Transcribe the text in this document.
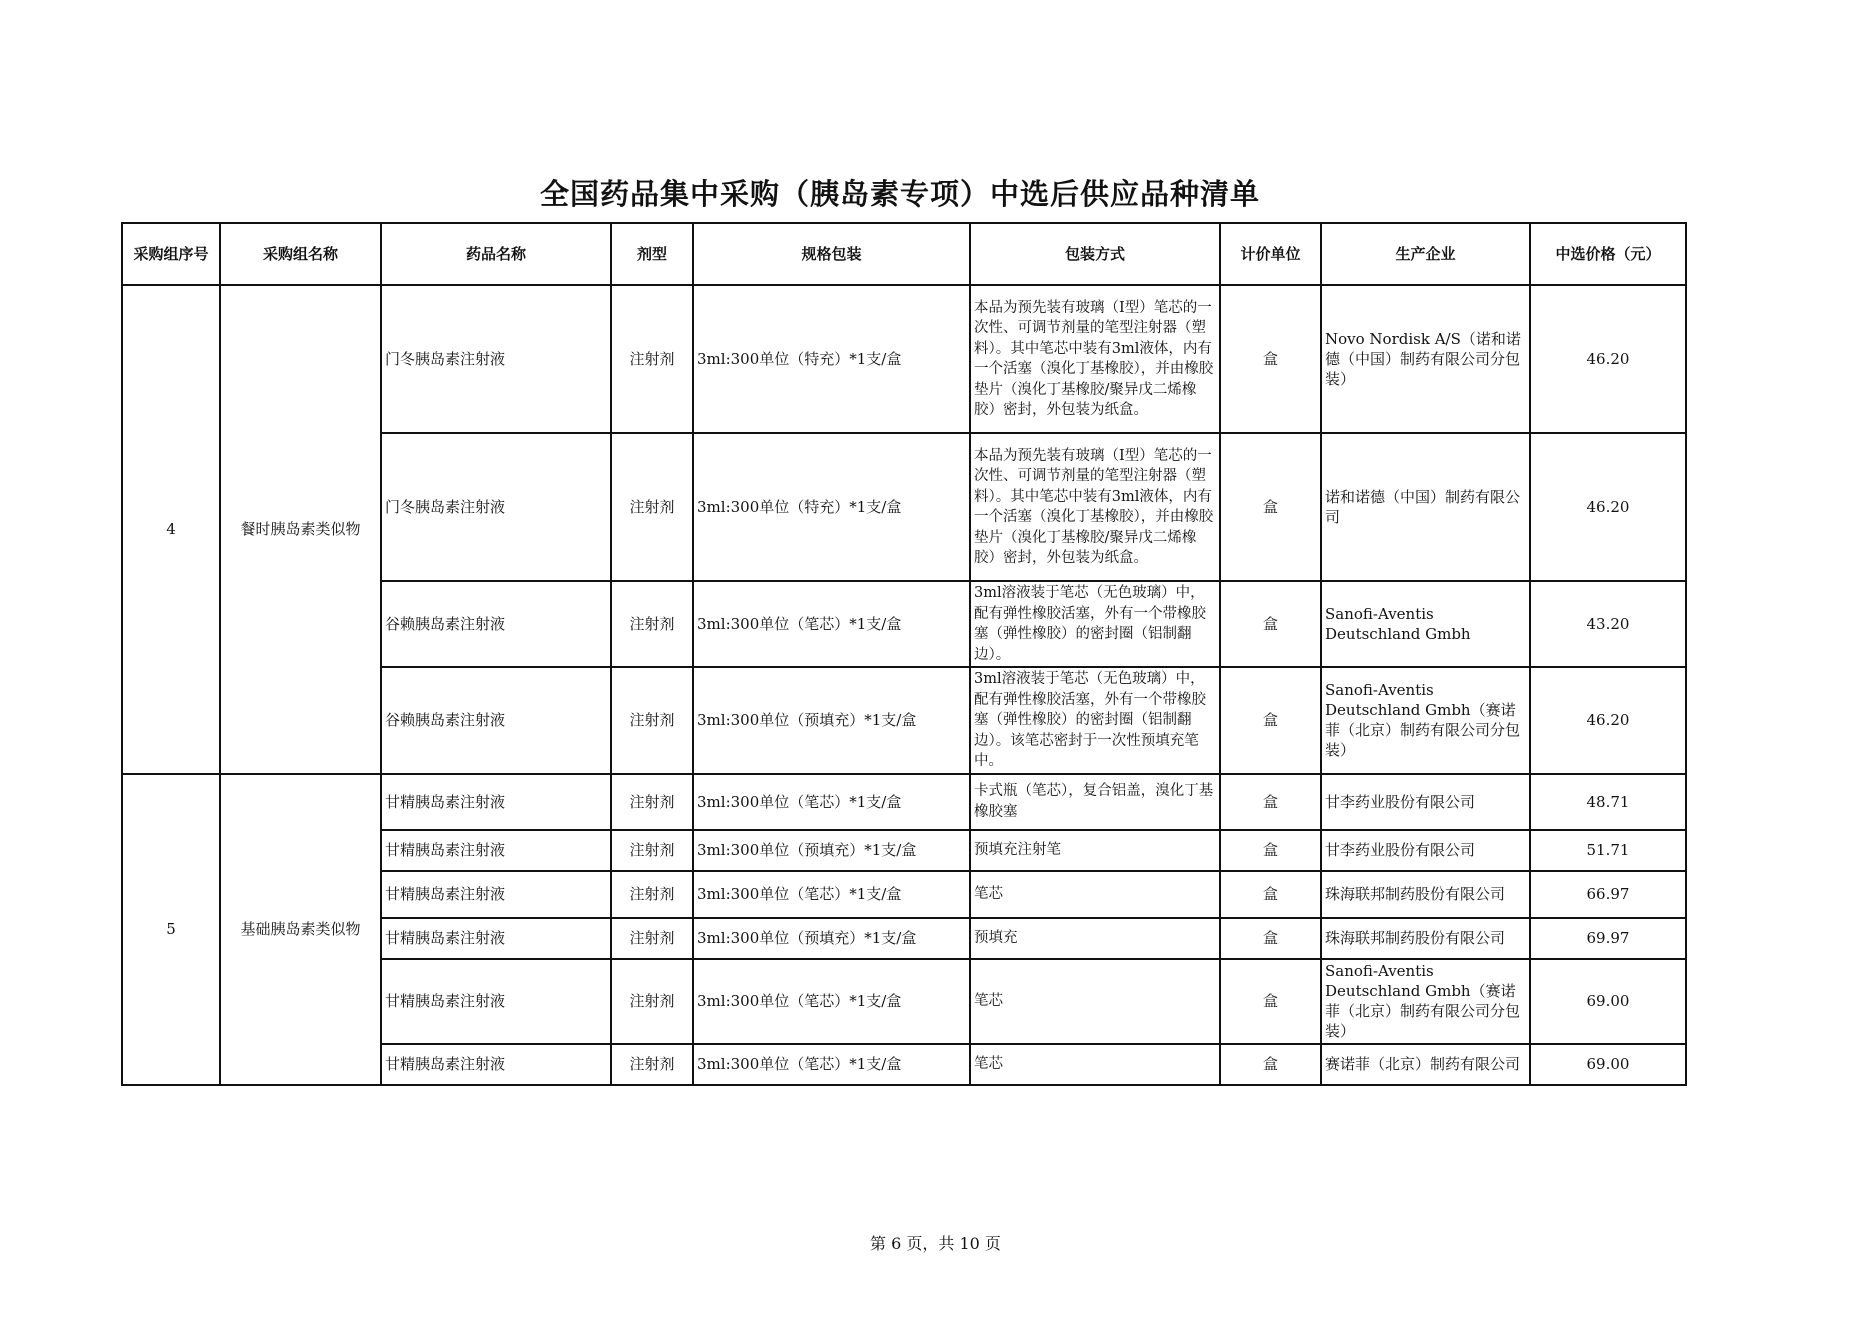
全国药品集中采购（胰岛素专项）中选后供应品种清单
采购组序号	采购组名称	药品名称	剂型	规格包装	包装方式	计价单位	生产企业	中选价格（元）
4	餐时胰岛素类似物	门冬胰岛素注射液	注射剂	3ml:300单位（特充）*1支/盒	本品为预先装有玻璃（Ⅰ型）笔芯的一次性、可调节剂量的笔型注射器（塑料）。其中笔芯中装有3ml液体，内有一个活塞（溴化丁基橡胶），并由橡胶垫片（溴化丁基橡胶/聚异戊二烯橡胶）密封，外包装为纸盒。	盒	Novo Nordisk A/S（诺和诺德（中国）制药有限公司分包装）	46.20
		门冬胰岛素注射液	注射剂	3ml:300单位（特充）*1支/盒	本品为预先装有玻璃（Ⅰ型）笔芯的一次性、可调节剂量的笔型注射器（塑料）。其中笔芯中装有3ml液体，内有一个活塞（溴化丁基橡胶），并由橡胶垫片（溴化丁基橡胶/聚异戊二烯橡胶）密封，外包装为纸盒。	盒	诺和诺德（中国）制药有限公司	46.20
		谷赖胰岛素注射液	注射剂	3ml:300单位（笔芯）*1支/盒	3ml溶液装于笔芯（无色玻璃）中，配有弹性橡胶活塞，外有一个带橡胶塞（弹性橡胶）的密封圈（铝制翻边）。	盒	Sanofi-Aventis Deutschland Gmbh	43.20
		谷赖胰岛素注射液	注射剂	3ml:300单位（预填充）*1支/盒	3ml溶液装于笔芯（无色玻璃）中，配有弹性橡胶活塞，外有一个带橡胶塞（弹性橡胶）的密封圈（铝制翻边）。该笔芯密封于一次性预填充笔中。	盒	Sanofi-Aventis Deutschland Gmbh（赛诺菲（北京）制药有限公司分包装）	46.20
5	基础胰岛素类似物	甘精胰岛素注射液	注射剂	3ml:300单位（笔芯）*1支/盒	卡式瓶（笔芯），复合铝盖，溴化丁基橡胶塞	盒	甘李药业股份有限公司	48.71
		甘精胰岛素注射液	注射剂	3ml:300单位（预填充）*1支/盒	预填充注射笔	盒	甘李药业股份有限公司	51.71
		甘精胰岛素注射液	注射剂	3ml:300单位（笔芯）*1支/盒	笔芯	盒	珠海联邦制药股份有限公司	66.97
		甘精胰岛素注射液	注射剂	3ml:300单位（预填充）*1支/盒	预填充	盒	珠海联邦制药股份有限公司	69.97
		甘精胰岛素注射液	注射剂	3ml:300单位（笔芯）*1支/盒	笔芯	盒	Sanofi-Aventis Deutschland Gmbh（赛诺菲（北京）制药有限公司分包装）	69.00
		甘精胰岛素注射液	注射剂	3ml:300单位（笔芯）*1支/盒	笔芯	盒	赛诺菲（北京）制药有限公司	69.00
第 6 页，共 10 页
